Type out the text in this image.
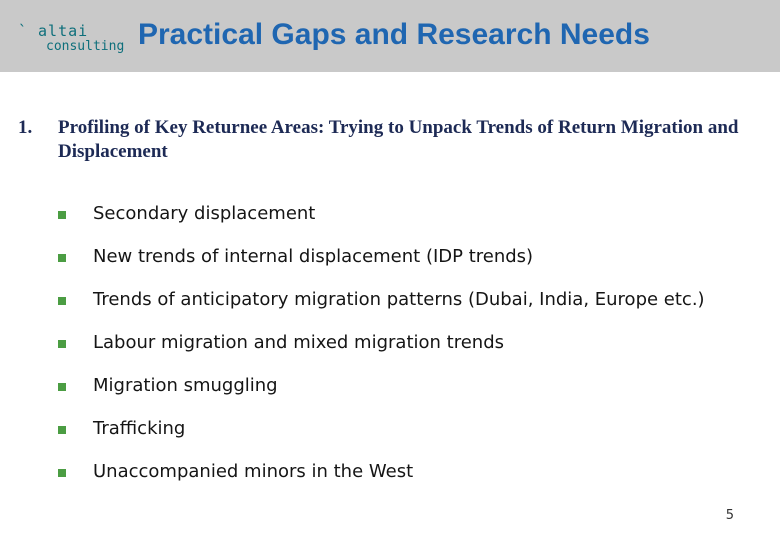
` altai
consulting Practical Gaps and Research Needs
1.	Profiling of Key Returnee Areas: Trying to Unpack Trends of Return Migration and Displacement
Secondary displacement
New trends of internal displacement (IDP trends)
Trends of anticipatory migration patterns (Dubai, India, Europe etc.)
Labour migration and mixed migration trends
Migration smuggling
Trafficking
Unaccompanied minors in the West
5
